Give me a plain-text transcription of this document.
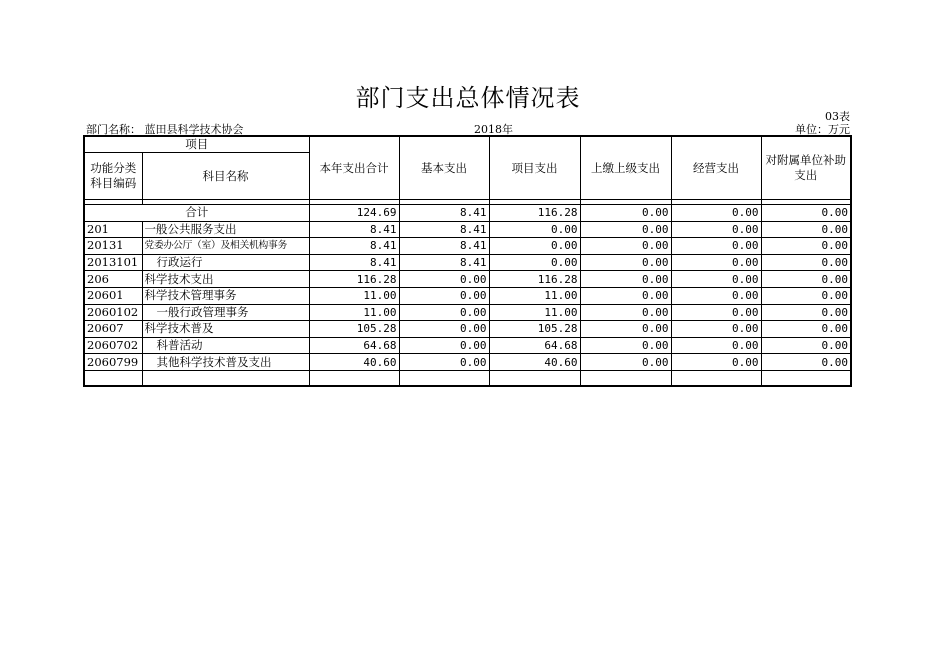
部门支出总体情况表
03表
部门名称： 蓝田县科学技术协会	2018年	单位：万元
项目		本年支出合计	基本支出	项目支出	上缴上级支出	经营支出	对附属单位补助支出
功能分类
科目编码	科目名称						

合计		124.69	8.41	116.28	0.00	0.00	0.00
201	一般公共服务支出	8.41	8.41	0.00	0.00	0.00	0.00
20131	党委办公厅（室）及相关机构事务	8.41	8.41	0.00	0.00	0.00	0.00
2013101	行政运行	8.41	8.41	0.00	0.00	0.00	0.00
206	科学技术支出	116.28	0.00	116.28	0.00	0.00	0.00
20601	科学技术管理事务	11.00	0.00	11.00	0.00	0.00	0.00
2060102	一般行政管理事务	11.00	0.00	11.00	0.00	0.00	0.00
20607	科学技术普及	105.28	0.00	105.28	0.00	0.00	0.00
2060702	科普活动	64.68	0.00	64.68	0.00	0.00	0.00
2060799	其他科学技术普及支出	40.60	0.00	40.60	0.00	0.00	0.00
